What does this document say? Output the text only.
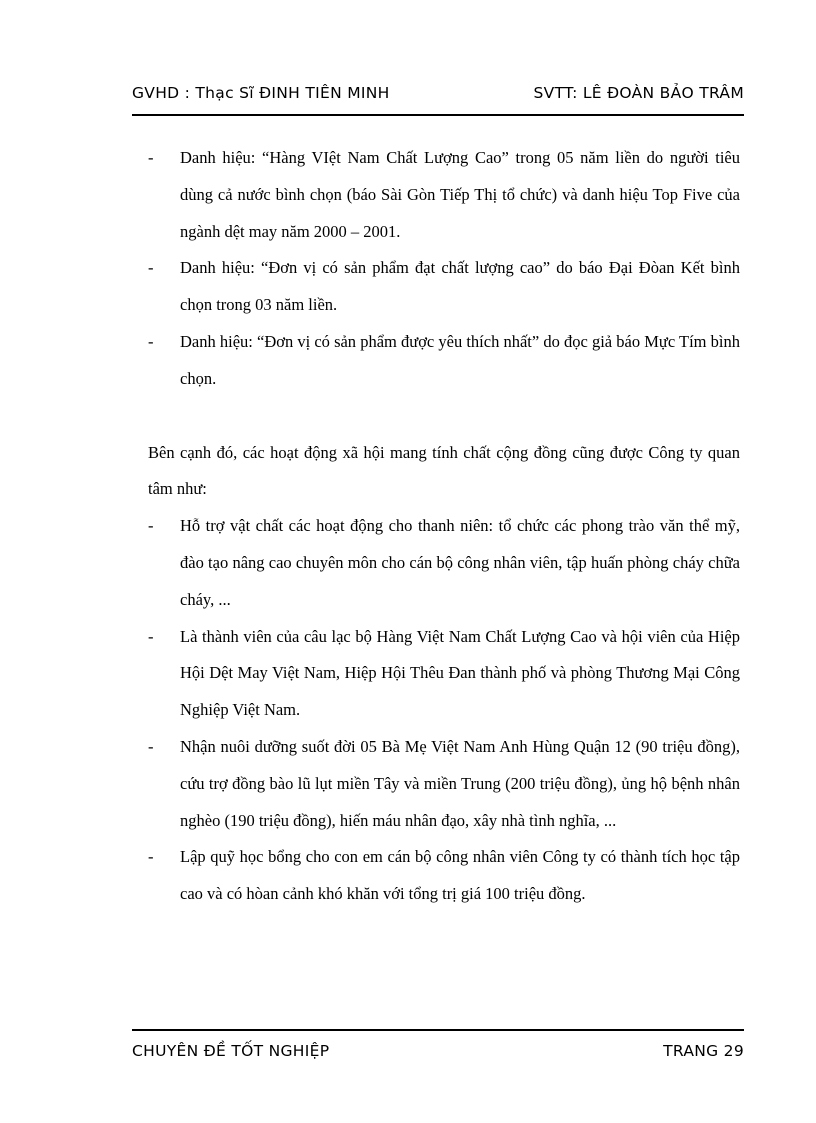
GVHD : Thạc Sĩ ĐINH TIÊN MINH	SVTT: LÊ ĐOÀN BẢO TRÂM
- Danh hiệu: “Hàng VIệt Nam Chất Lượng Cao” trong 05 năm liền do người tiêu dùng cả nước bình chọn (báo Sài Gòn Tiếp Thị tổ chức) và danh hiệu Top Five của ngành dệt may năm 2000 – 2001.
- Danh hiệu: “Đơn vị có sản phẩm đạt chất lượng cao” do báo Đại Đòan Kết bình chọn trong 03 năm liền.
- Danh hiệu: “Đơn vị có sản phẩm được yêu thích nhất” do đọc giả báo Mực Tím bình chọn.

Bên cạnh đó, các hoạt động xã hội mang tính chất cộng đồng cũng được Công ty quan tâm như:

- Hỗ trợ vật chất các hoạt động cho thanh niên: tổ chức các phong trào văn thể mỹ, đào tạo nâng cao chuyên môn cho cán bộ công nhân viên, tập huấn phòng cháy chữa cháy, ...
- Là thành viên của câu lạc bộ Hàng Việt Nam Chất Lượng Cao và hội viên của Hiệp Hội Dệt May Việt Nam, Hiệp Hội Thêu Đan thành phố và phòng Thương Mại Công Nghiệp Việt Nam.
- Nhận nuôi dưỡng suốt đời 05 Bà Mẹ Việt Nam Anh Hùng Quận 12 (90 triệu đồng), cứu trợ đồng bào lũ lụt miền Tây và miền Trung (200 triệu đồng), ủng hộ bệnh nhân nghèo (190 triệu đồng), hiến máu nhân đạo, xây nhà tình nghĩa, ...
- Lập quỹ học bổng cho con em cán bộ công nhân viên Công ty có thành tích học tập cao và có hòan cảnh khó khăn với tổng trị giá 100 triệu đồng.
CHUYÊN ĐỀ TỐT NGHIỆP	TRANG 29
